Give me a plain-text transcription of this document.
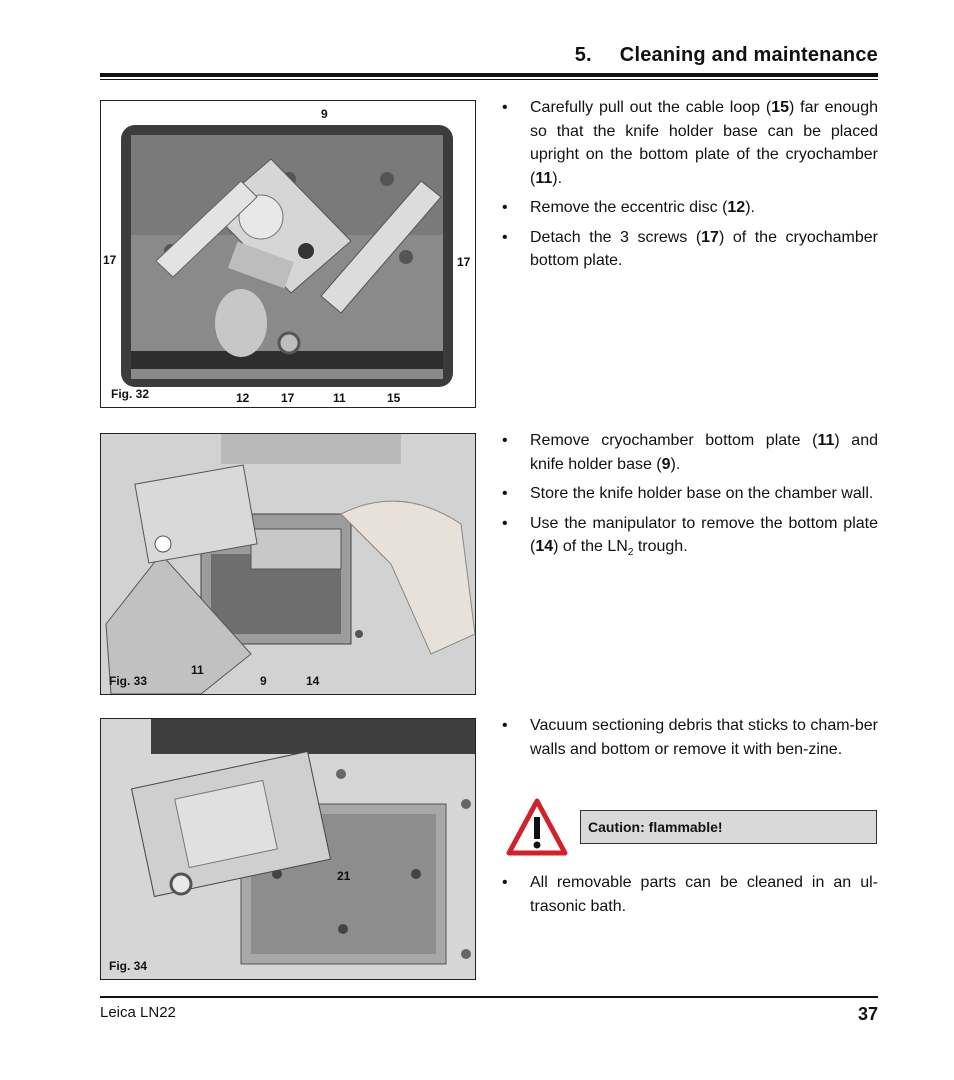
5. Cleaning and maintenance
Fig. 32
9
17	17
12	17	11	15
Fig. 33
11
9	14
Fig. 34
21
• Carefully pull out the cable loop (15) far enough so that the knife holder base can be placed upright on the bottom plate of the cryochamber (11).
• Remove the eccentric disc (12).
• Detach the 3 screws (17) of the cryochamber bottom plate.
• Remove cryochamber bottom plate (11) and knife holder base (9).
• Store the knife holder base on the chamber wall.
• Use the manipulator to remove the bottom plate (14) of the $LN_2$ trough.
• Vacuum sectioning debris that sticks to cham-ber walls and bottom or remove it with ben-zine.
Caution: flammable!
• All removable parts can be cleaned in an ul-trasonic bath.
Leica LN22	37
